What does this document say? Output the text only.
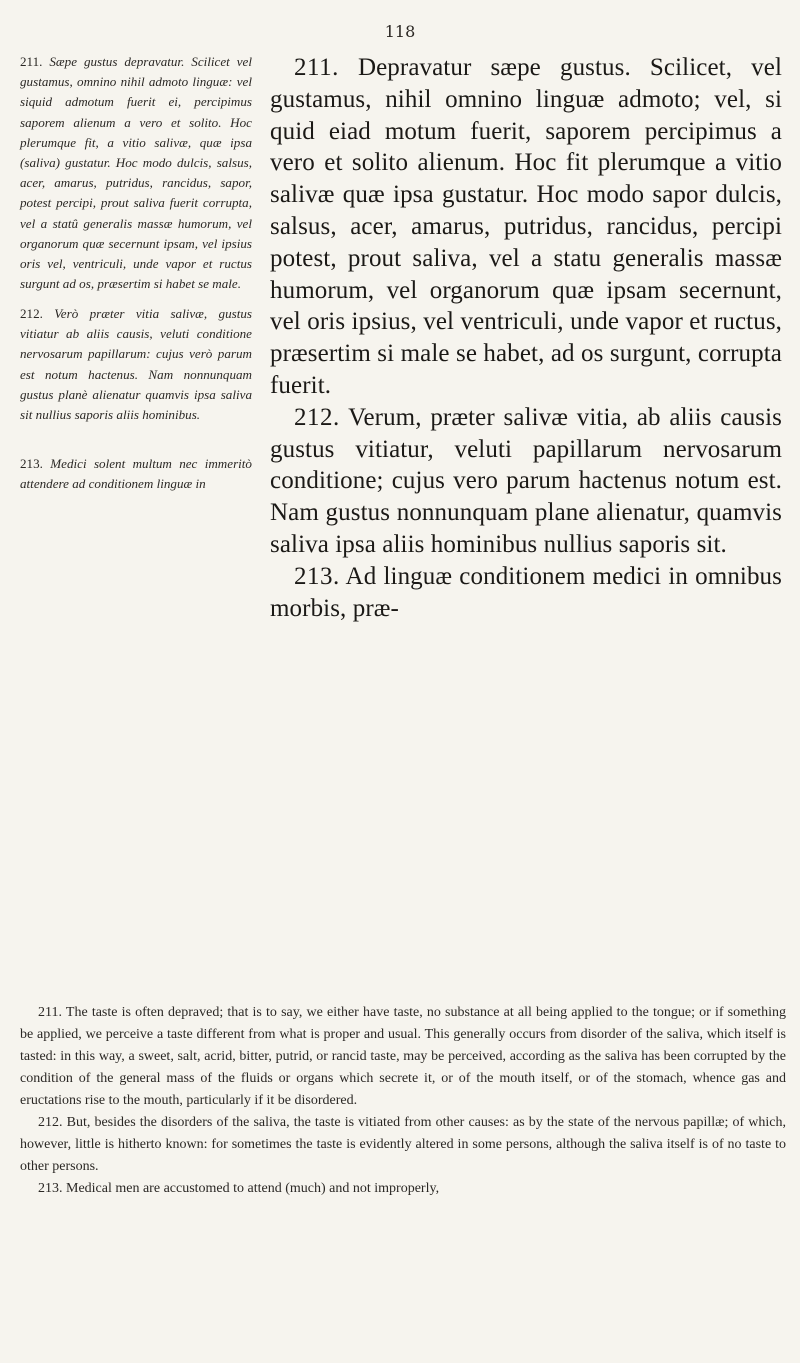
118

211. Sæpe gustus depravatur. Scilicet vel gustamus, omnino nihil admoto linguæ: vel siquid admotum fuerit ei, percipimus saporem alienum a vero et solito. Hoc plerumque fit, a vitio salivæ, quæ ipsa (saliva) gustatur. Hoc modo dulcis, salsus, acer, amarus, putridus, rancidus, sapor, potest percipi, prout saliva fuerit corrupta, vel a statû generalis massæ humorum, vel organorum quæ secernunt ipsam, vel ipsius oris vel, ventriculi, unde vapor et ructus surgunt ad os, præsertim si habet se male.

212. Verò præter vitia salivæ, gustus vitiatur ab aliis causis, veluti conditione nervosarum papillarum: cujus verò parum est notum hactenus. Nam nonnunquam gustus planè alienatur quamvis ipsa saliva sit nullius saporis aliis hominibus.

213. Medici solent multum nec immeritò attendere ad conditionem linguæ in

211. Depravatur sæpe gustus. Scilicet, vel gustamus, nihil omnino linguæ admoto; vel, si quid eiad motum fuerit, saporem percipimus a vero et solito alienum. Hoc fit plerumque a vitio salivæ quæ ipsa gustatur. Hoc modo sapor dulcis, salsus, acer, amarus, putridus, rancidus, percipi potest, prout saliva, vel a statu generalis massæ humorum, vel organorum quæ ipsam secernunt, vel oris ipsius, vel ventriculi, unde vapor et ructus, præsertim si male se habet, ad os surgunt, corrupta fuerit.

212. Verum, præter salivæ vitia, ab aliis causis gustus vitiatur, veluti papillarum nervosarum conditione; cujus vero parum hactenus notum est. Nam gustus nonnunquam plane alienatur, quamvis saliva ipsa aliis hominibus nullius saporis sit.

213. Ad linguæ conditionem medici in omnibus morbis, præ-

211. The taste is often depraved; that is to say, we either have taste, no substance at all being applied to the tongue; or if something be applied, we perceive a taste different from what is proper and usual. This generally occurs from disorder of the saliva, which itself is tasted: in this way, a sweet, salt, acrid, bitter, putrid, or rancid taste, may be perceived, according as the saliva has been corrupted by the condition of the general mass of the fluids or organs which secrete it, or of the mouth itself, or of the stomach, whence gas and eructations rise to the mouth, particularly if it be disordered.

212. But, besides the disorders of the saliva, the taste is vitiated from other causes: as by the state of the nervous papillæ; of which, however, little is hitherto known: for sometimes the taste is evidently altered in some persons, although the saliva itself is of no taste to other persons.

213. Medical men are accustomed to attend (much) and not improperly,
